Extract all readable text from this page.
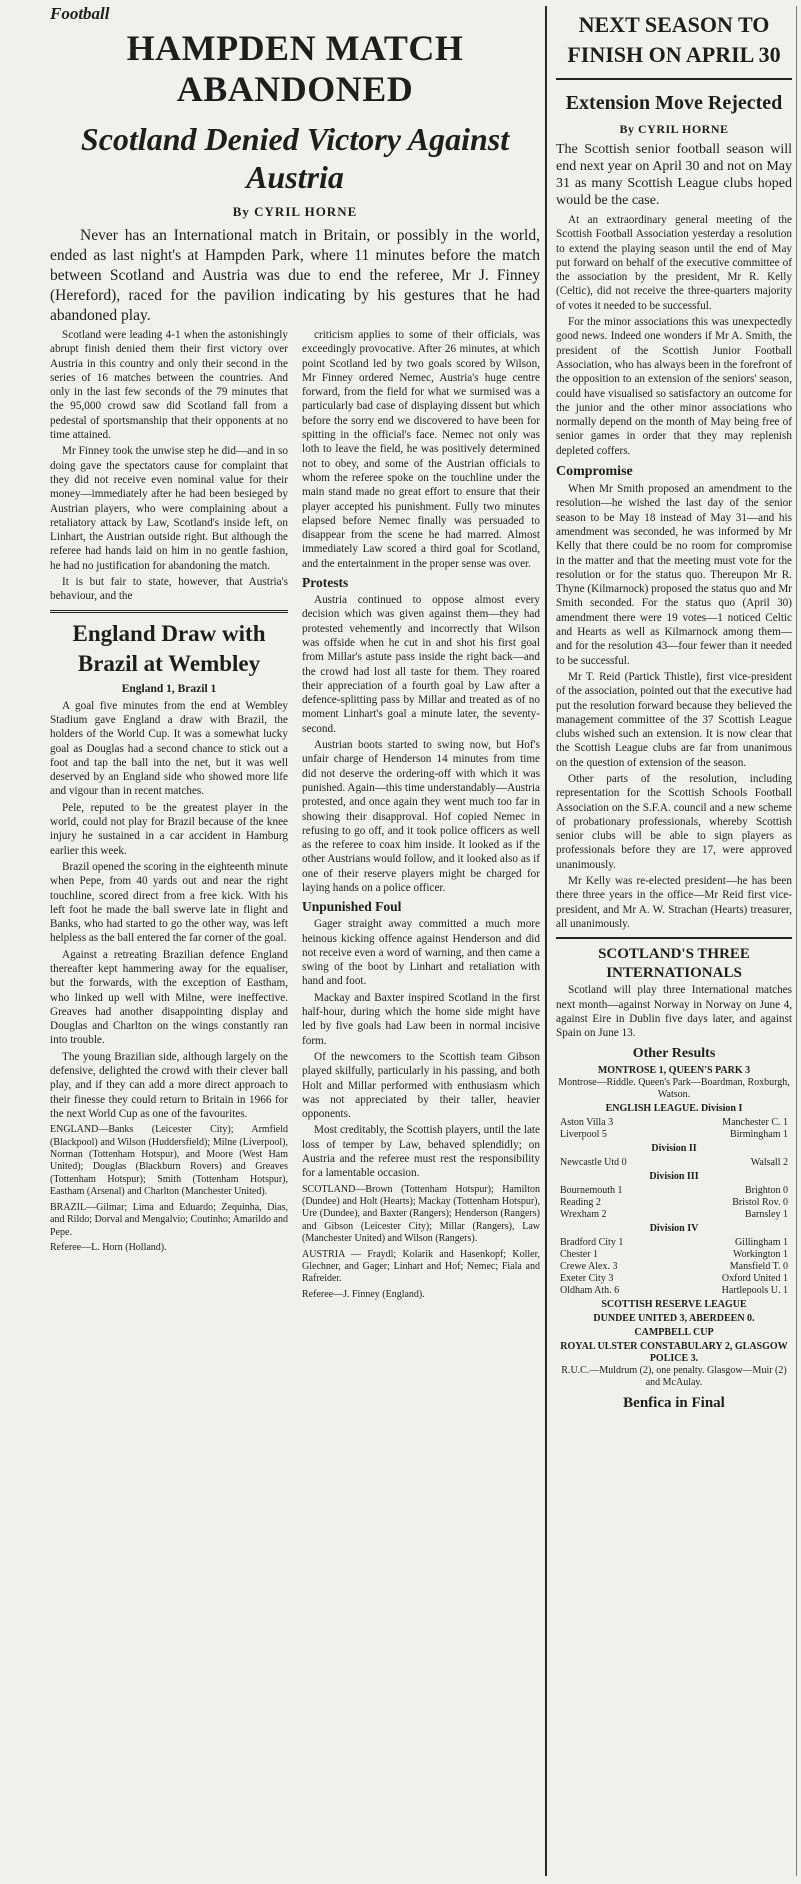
Football
HAMPDEN MATCH ABANDONED
Scotland Denied Victory Against Austria
By CYRIL HORNE

Never has an International match in Britain, or possibly in the world, ended as last night's at Hampden Park, where 11 minutes before the match between Scotland and Austria was due to end the referee, Mr J. Finney (Hereford), raced for the pavilion indicating by his gestures that he had abandoned play.

Scotland were leading 4-1 when the astonishingly abrupt finish denied them their first victory over Austria in this country and only their second in the series of 16 matches between the countries. And only in the last few seconds of the 79 minutes that the 95,000 crowd saw did Scotland fall from a pedestal of sportsmanship that their opponents at no time attained.

Mr Finney took the unwise step he did—and in so doing gave the spectators cause for complaint that they did not receive even nominal value for their money—immediately after he had been besieged by Austrian players, who were complaining about a retaliatory attack by Law, Scotland's inside left, on Linhart, the Austrian outside right. But although the referee had hands laid on him in no gentle fashion, he had no justification for abandoning the match.

It is but fair to state, however, that Austria's behaviour, and the

England Draw with Brazil at Wembley
England 1, Brazil 1

A goal five minutes from the end at Wembley Stadium gave England a draw with Brazil, the holders of the World Cup. It was a somewhat lucky goal as Douglas had a second chance to stick out a foot and tap the ball into the net, but it was well deserved by an England side who showed more life and vigour than in recent matches.

Pele, reputed to be the greatest player in the world, could not play for Brazil because of the knee injury he sustained in a car accident in Hamburg earlier this week.

Brazil opened the scoring in the eighteenth minute when Pepe, from 40 yards out and near the right touchline, scored direct from a free kick. With his left foot he made the ball swerve late in flight and Banks, who had started to go the other way, was left helpless as the ball entered the far corner of the goal.

Against a retreating Brazilian defence England thereafter kept hammering away for the equaliser, but the forwards, with the exception of Eastham, who linked up well with Milne, were ineffective. Greaves had another disappointing display and Douglas and Charlton on the wings constantly ran into trouble.

The young Brazilian side, although largely on the defensive, delighted the crowd with their clever ball play, and if they can add a more direct approach to their finesse they could return to Britain in 1966 for the next World Cup as one of the favourites.

ENGLAND—Banks (Leicester City); Armfield (Blackpool) and Wilson (Huddersfield); Milne (Liverpool), Norman (Tottenham Hotspur), and Moore (West Ham United); Douglas (Blackburn Rovers) and Greaves (Tottenham Hotspur); Smith (Tottenham Hotspur), Eastham (Arsenal) and Charlton (Manchester United).
BRAZIL—Gilmar; Lima and Eduardo; Zequinha, Dias, and Rildo; Dorval and Mengalvio; Coutinho; Amarildo and Pepe.
Referee—L. Horn (Holland).

criticism applies to some of their officials, was exceedingly provocative. After 26 minutes, at which point Scotland led by two goals scored by Wilson, Mr Finney ordered Nemec, Austria's huge centre forward, from the field for what we surmised was a particularly bad case of displaying dissent but which before the sorry end we discovered to have been for spitting in the official's face. Nemec not only was loth to leave the field, he was positively determined not to obey, and some of the Austrian officials to whom the referee spoke on the touchline under the main stand made no great effort to ensure that their player accepted his punishment. Fully two minutes elapsed before Nemec finally was persuaded to disappear from the scene he had marred. Almost immediately Law scored a third goal for Scotland, and the entertainment in the proper sense was over.

Protests

Austria continued to oppose almost every decision which was given against them—they had protested vehemently and incorrectly that Wilson was offside when he cut in and shot his first goal from Millar's astute pass inside the right back—and the crowd had lost all taste for them. They roared their appreciation of a fourth goal by Law after a defence-splitting pass by Millar and treated as of no moment Linhart's goal a minute later, the seventy-second.

Austrian boots started to swing now, but Hof's unfair charge of Henderson 14 minutes from time did not deserve the ordering-off with which it was punished. Again—this time understandably—Austria protested, and once again they went much too far in showing their disapproval. Hof copied Nemec in refusing to go off, and it took police officers as well as the referee to coax him inside. It looked as if the other Austrians would follow, and it looked also as if one of their reserve players might be charged for laying hands on a police officer.

Unpunished Foul

Gager straight away committed a much more heinous kicking offence against Henderson and did not receive even a word of warning, and then came a swing of the boot by Linhart and retaliation with hand and foot.

Mackay and Baxter inspired Scotland in the first half-hour, during which the home side might have led by five goals had Law been in normal incisive form.

Of the newcomers to the Scottish team Gibson played skilfully, particularly in his passing, and both Holt and Millar performed with enthusiasm which was not appreciated by their taller, heavier opponents.

Most creditably, the Scottish players, until the late loss of temper by Law, behaved splendidly; on Austria and the referee must rest the responsibility for a lamentable occasion.

SCOTLAND—Brown (Tottenham Hotspur); Hamilton (Dundee) and Holt (Hearts); Mackay (Tottenham Hotspur), Ure (Dundee), and Baxter (Rangers); Henderson (Rangers) and Gibson (Leicester City); Millar (Rangers), Law (Manchester United) and Wilson (Rangers).
AUSTRIA — Fraydl; Kolarik and Hasenkopf; Koller, Glechner, and Gager; Linhart and Hof; Nemec; Fiala and Rafreider.
Referee—J. Finney (England).
NEXT SEASON TO FINISH ON APRIL 30
Extension Move Rejected
By CYRIL HORNE
The Scottish senior football season will end next year on April 30 and not on May 31 as many Scottish League clubs hoped would be the case.

At an extraordinary general meeting of the Scottish Football Association yesterday a resolution to extend the playing season until the end of May put forward on behalf of the executive committee of the association by the president, Mr R. Kelly (Celtic), did not receive the three-quarters majority of votes it needed to be successful.

For the minor associations this was unexpectedly good news. Indeed one wonders if Mr A. Smith, the president of the Scottish Junior Football Association, who has always been in the forefront of the opposition to an extension of the seniors' season, could have visualised so satisfactory an outcome for the junior and the other minor associations who normally depend on the month of May being free of senior games in order that they may replenish depleted coffers.

Compromise

When Mr Smith proposed an amendment to the resolution—he wished the last day of the senior season to be May 18 instead of May 31—and his amendment was seconded, he was informed by Mr Kelly that there could be no room for compromise in the matter and that the meeting must vote for the resolution or for the status quo. Thereupon Mr R. Thyne (Kilmarnock) proposed the status quo and Mr Smith seconded. For the status quo (April 30) amendment there were 19 votes—1 noticed Celtic and Hearts as well as Kilmarnock among them—and for the resolution 43—four fewer than it needed to be successful.

Mr T. Reid (Partick Thistle), first vice-president of the association, pointed out that the executive had put the resolution forward because they believed the management committee of the 37 Scottish League clubs wished such an extension. It is now clear that the Scottish League clubs are far from unanimous on the question of extension of the season.

Other parts of the resolution, including representation for the Scottish Schools Football Association on the S.F.A. council and a new scheme of probationary professionals, whereby Scottish senior clubs will be able to sign players as professionals before they are 17, were approved unanimously.

Mr Kelly was re-elected president—he has been there three years in the office—Mr Reid first vice-president, and Mr A. W. Strachan (Hearts) treasurer, all unanimously.

SCOTLAND'S THREE INTERNATIONALS

Scotland will play three International matches next month—against Norway in Norway on June 4, against Eire in Dublin five days later, and against Spain on June 13.

Other Results
MONTROSE 1, QUEEN'S PARK 3
Montrose—Riddle. Queen's Park—Boardman, Roxburgh, Watson.
ENGLISH LEAGUE. Division I
Aston Villa 3	Manchester C. 1
Liverpool 5	Birmingham 1
Division II
Newcastle Utd 0	Walsall 2
Division III
Bournemouth 1	Brighton 0
Reading 2	Bristol Rov. 0
Wrexham 2	Barnsley 1
Division IV
Bradford City 1	Gillingham 1
Chester 1	Workington 1
Crewe Alex. 3	Mansfield T. 0
Exeter City 3	Oxford United 1
Oldham Ath. 6	Hartlepools U. 1
SCOTTISH RESERVE LEAGUE
DUNDEE UNITED 3, ABERDEEN 0.
CAMPBELL CUP
ROYAL ULSTER CONSTABULARY 2, GLASGOW POLICE 3.
R.U.C.—Muldrum (2), one penalty. Glasgow—Muir (2) and McAulay.
Benfica in Final
